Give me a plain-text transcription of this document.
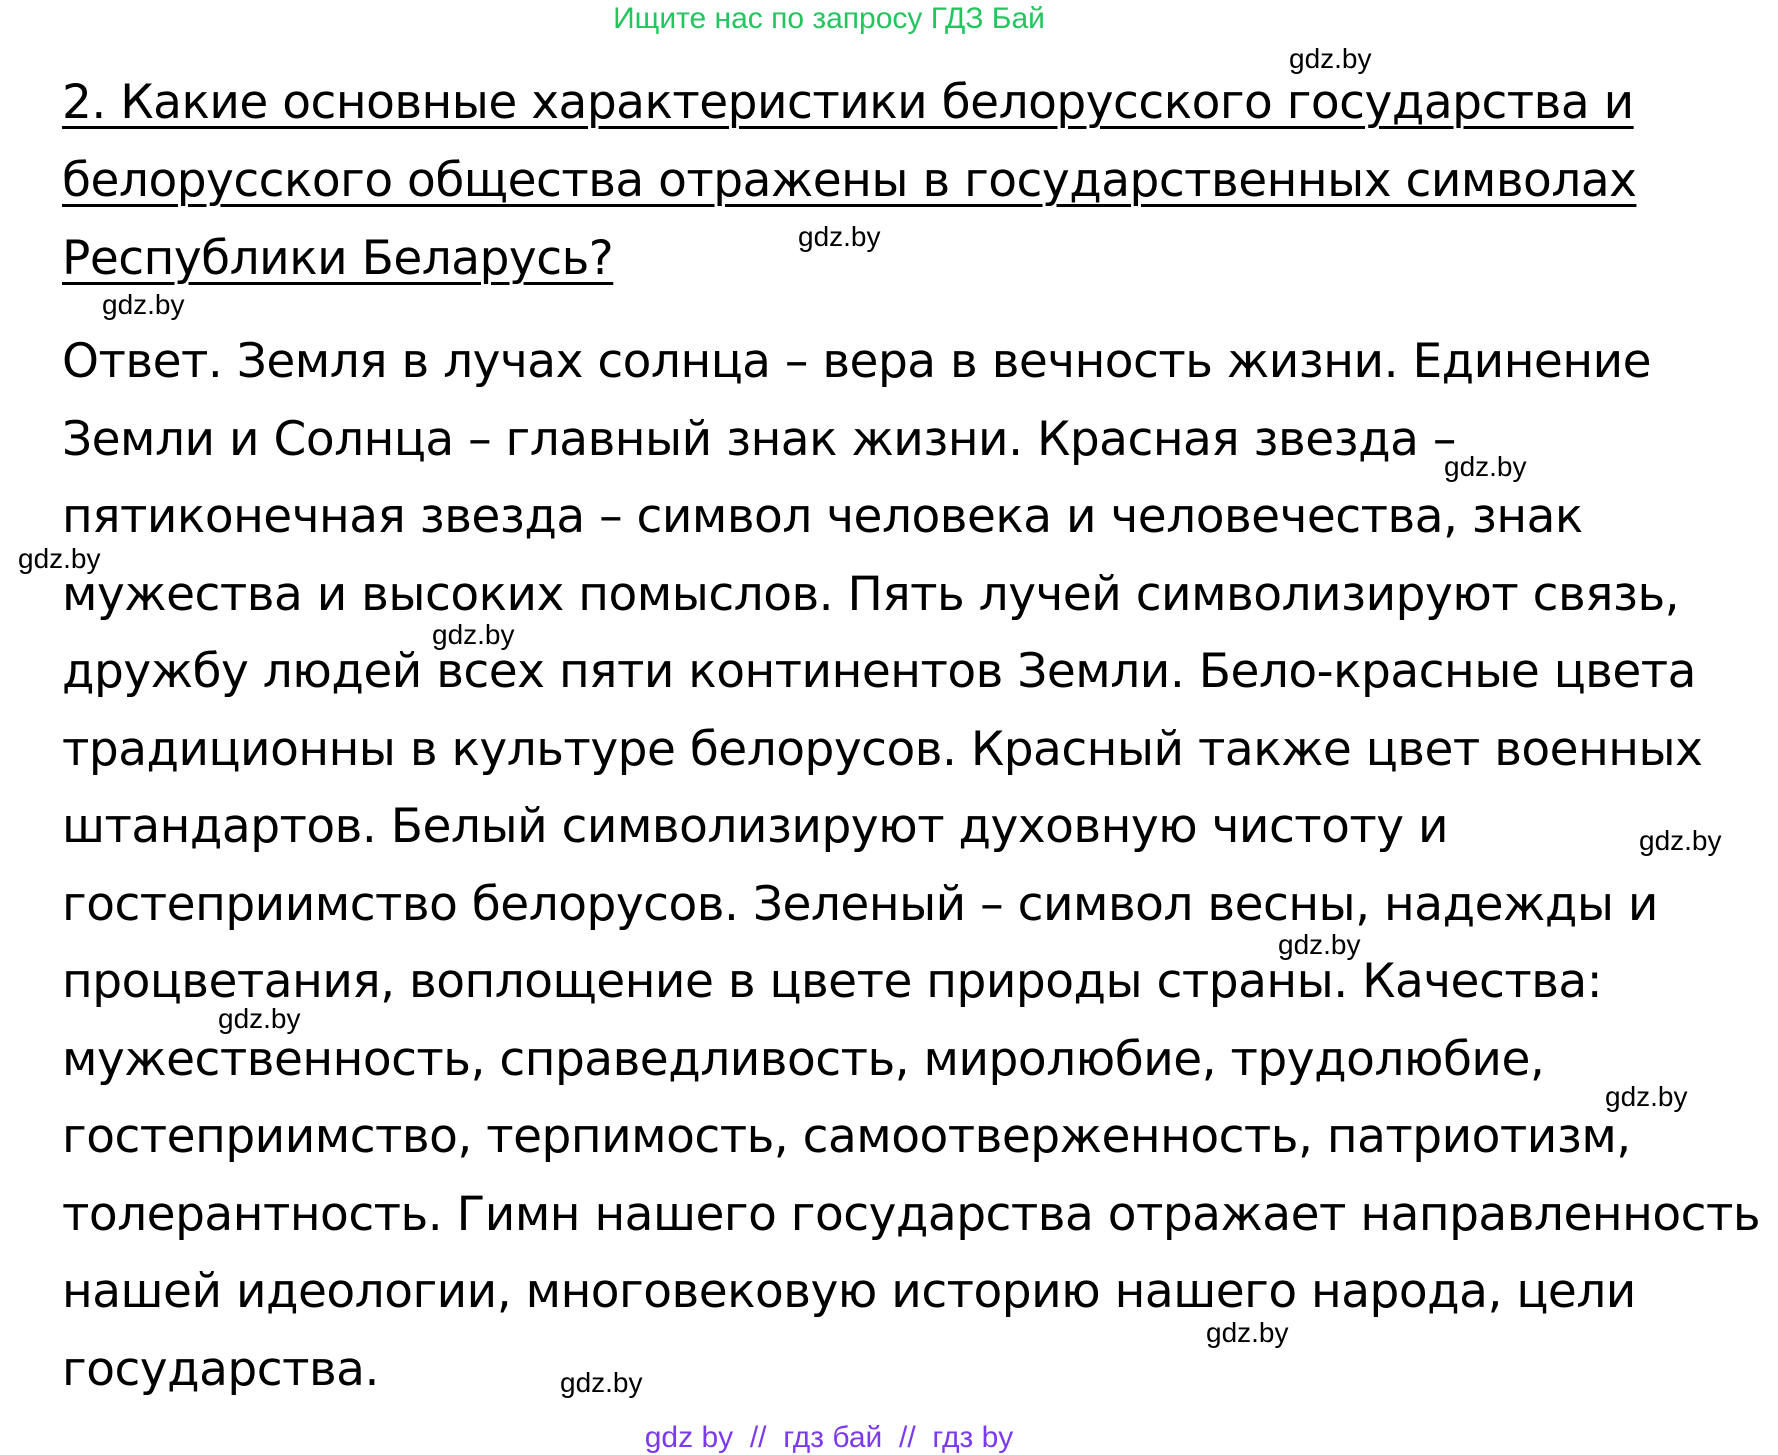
Ищите нас по запросу ГДЗ Бай
2. Какие основные характеристики белорусского государства и
белорусского общества отражены в государственных символах
Республики Беларусь?
Ответ. Земля в лучах солнца – вера в вечность жизни. Единение
Земли и Солнца – главный знак жизни. Красная звезда –
пятиконечная звезда – символ человека и человечества, знак
мужества и высоких помыслов. Пять лучей символизируют связь,
дружбу людей всех пяти континентов Земли. Бело-красные цвета
традиционны в культуре белорусов. Красный также цвет военных
штандартов. Белый символизируют духовную чистоту и
гостеприимство белорусов. Зеленый – символ весны, надежды и
процветания, воплощение в цвете природы страны. Качества:
мужественность, справедливость, миролюбие, трудолюбие,
гостеприимство, терпимость, самоотверженность, патриотизм,
толерантность. Гимн нашего государства отражает направленность
нашей идеологии, многовековую историю нашего народа, цели
государства.
gdz.by
gdz.by
gdz.by
gdz.by
gdz.by
gdz.by
gdz.by
gdz.by
gdz.by
gdz.by
gdz.by
gdz.by
gdz by // гдз бай // гдз by
